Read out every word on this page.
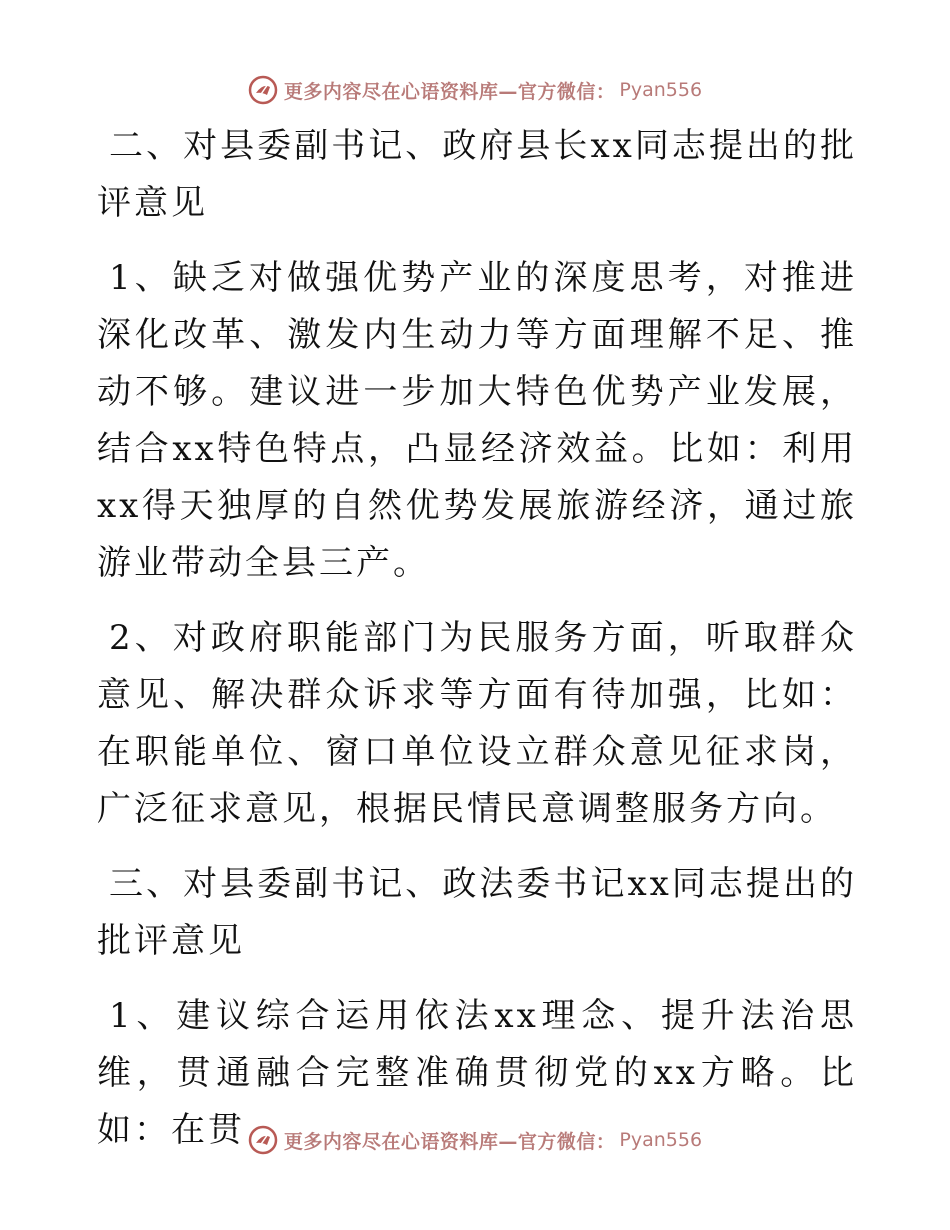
更多内容尽在心语资料库—官方微信： Pyan556

二、对县委副书记、政府县长xx同志提出的批评意见

1、缺乏对做强优势产业的深度思考，对推进深化改革、激发内生动力等方面理解不足、推动不够。建议进一步加大特色优势产业发展，结合xx特色特点，凸显经济效益。比如：利用xx得天独厚的自然优势发展旅游经济，通过旅游业带动全县三产。

2、对政府职能部门为民服务方面，听取群众意见、解决群众诉求等方面有待加强，比如：在职能单位、窗口单位设立群众意见征求岗，广泛征求意见，根据民情民意调整服务方向。

三、对县委副书记、政法委书记xx同志提出的批评意见

1、建议综合运用依法xx理念、提升法治思维，贯通融合完整准确贯彻党的xx方略。比如：在贯	更多内容尽在心语资料库—官方微信： Pyan556
